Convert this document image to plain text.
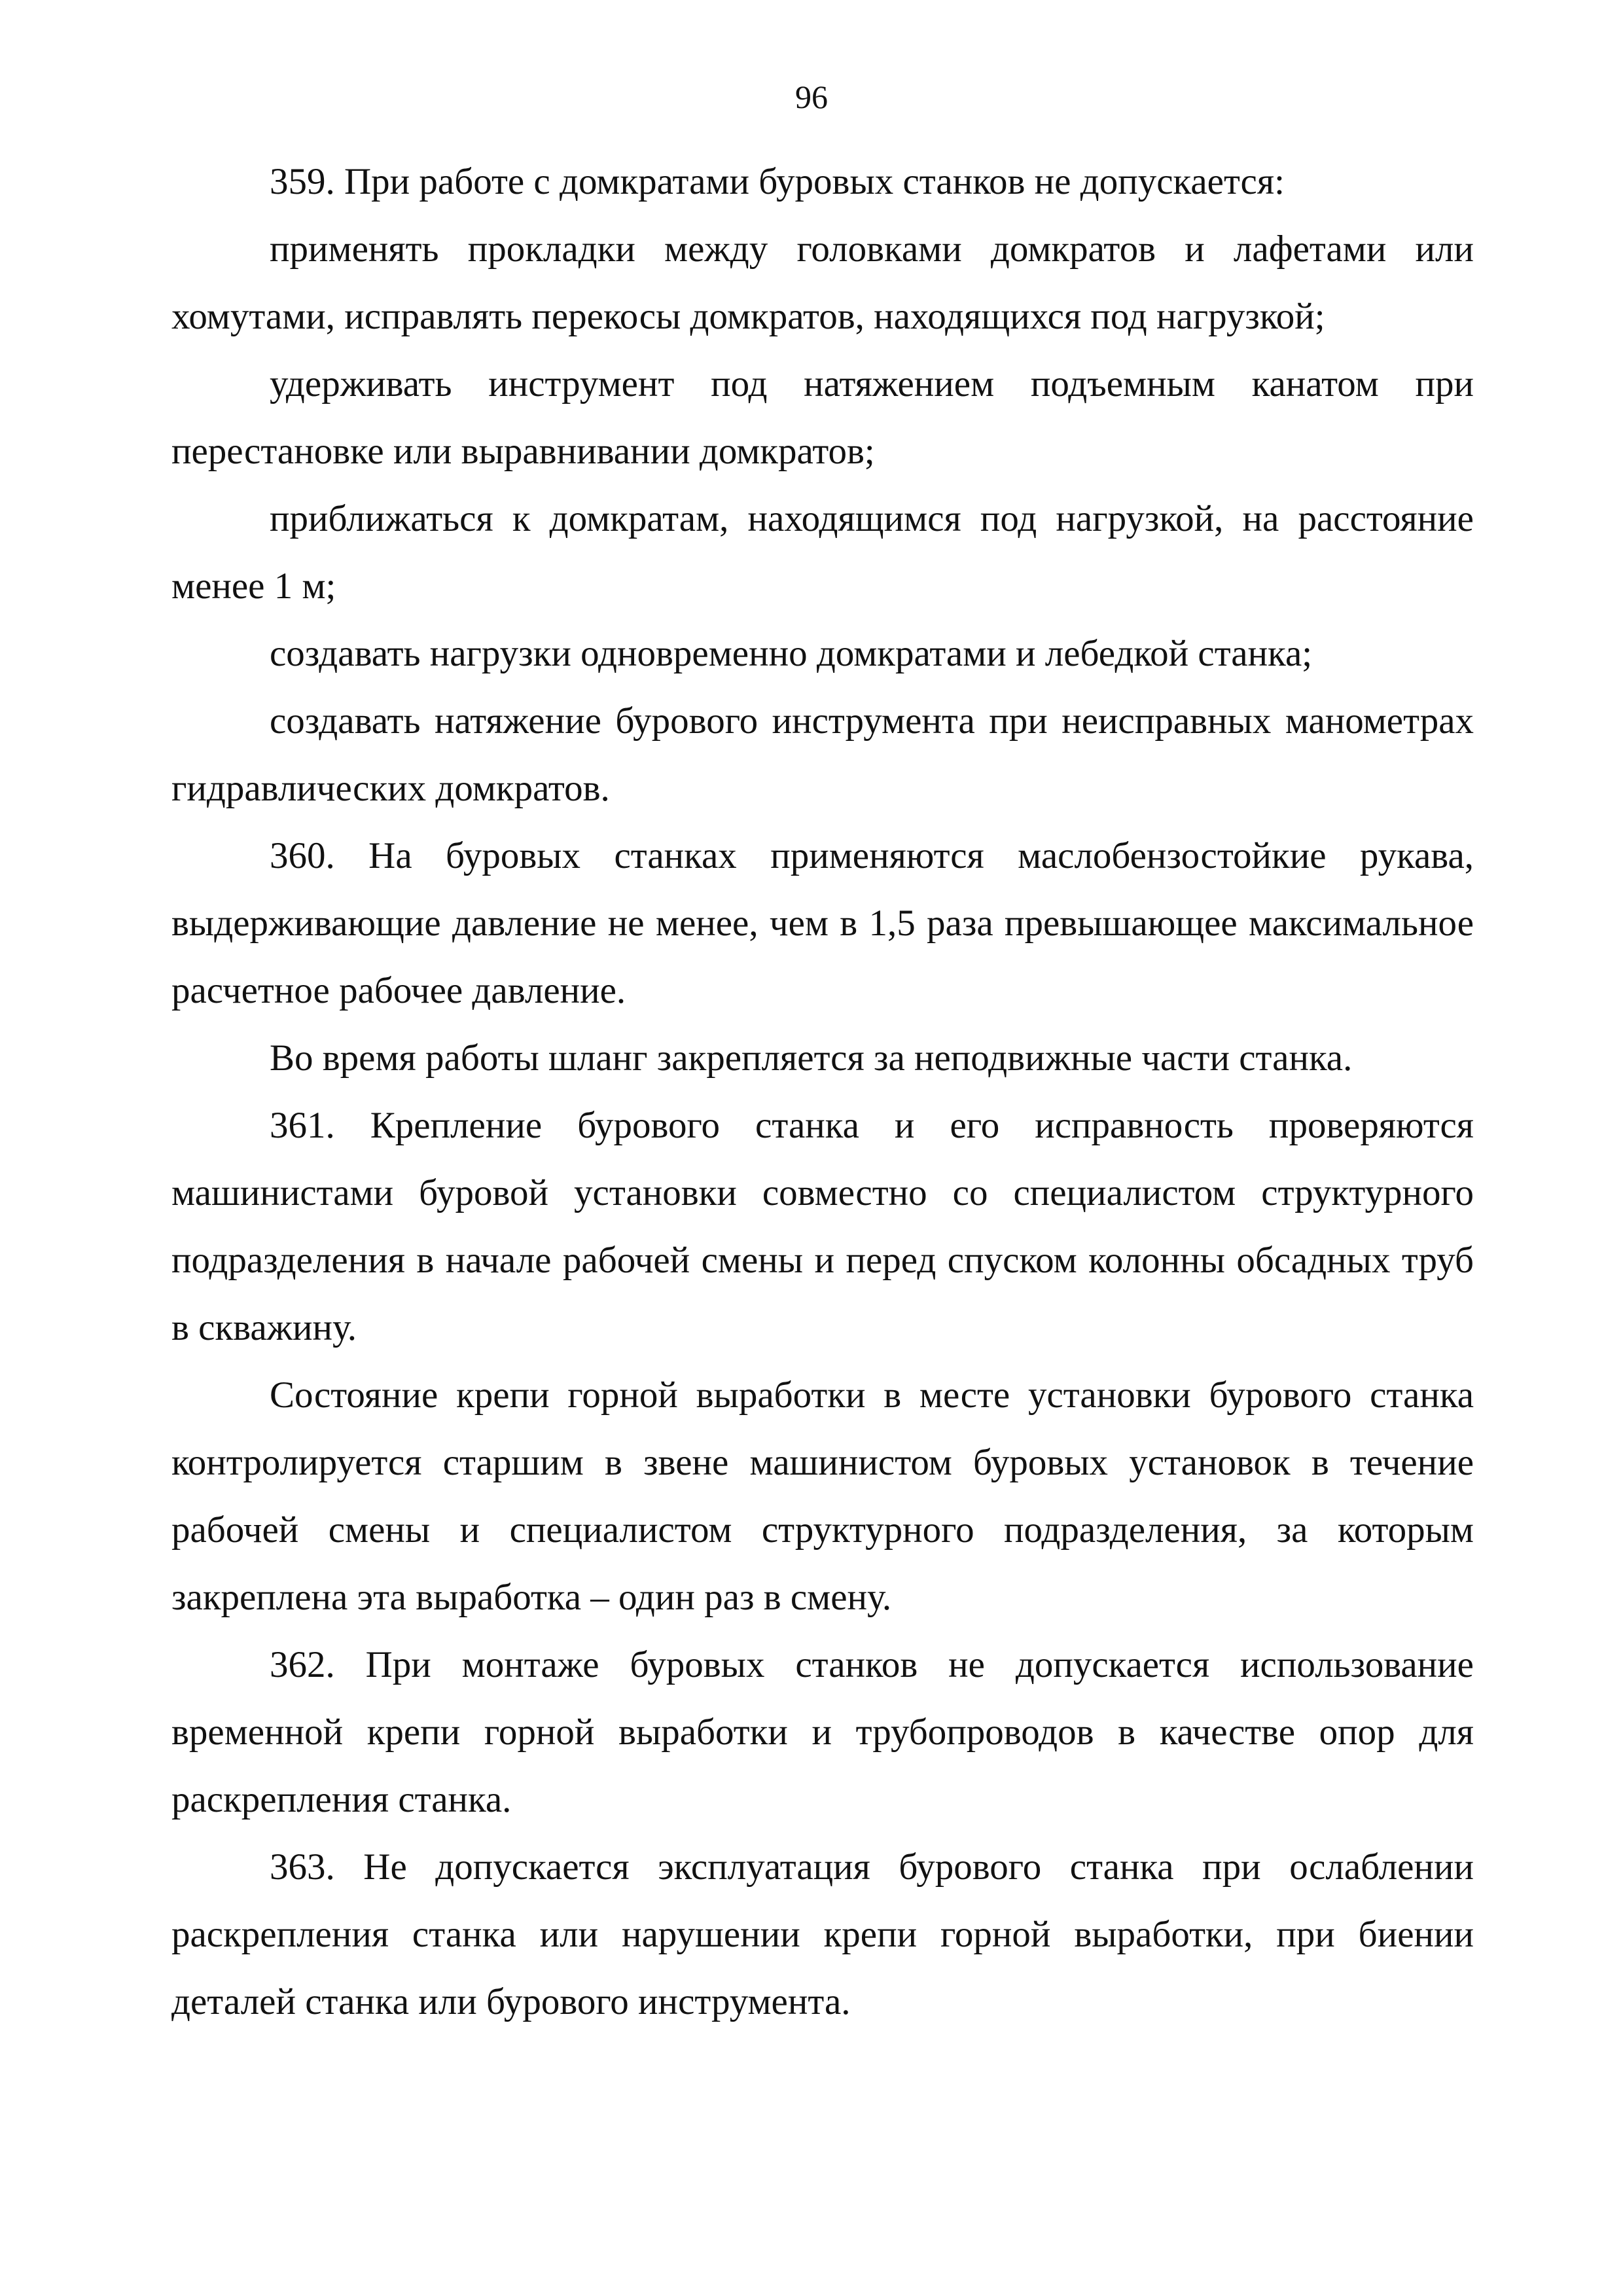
96

359. При работе с домкратами буровых станков не допускается:

применять прокладки между головками домкратов и лафетами или хомутами, исправлять перекосы домкратов, находящихся под нагрузкой;

удерживать инструмент под натяжением подъемным канатом при перестановке или выравнивании домкратов;

приближаться к домкратам, находящимся под нагрузкой, на расстояние менее 1 м;

создавать нагрузки одновременно домкратами и лебедкой станка;

создавать натяжение бурового инструмента при неисправных манометрах гидравлических домкратов.

360. На буровых станках применяются маслобензостойкие рукава, выдерживающие давление не менее, чем в 1,5 раза превышающее максимальное расчетное рабочее давление.

Во время работы шланг закрепляется за неподвижные части станка.

361. Крепление бурового станка и его исправность проверяются машинистами буровой установки совместно со специалистом структурного подразделения в начале рабочей смены и перед спуском колонны обсадных труб в скважину.

Состояние крепи горной выработки в месте установки бурового станка контролируется старшим в звене машинистом буровых установок в течение рабочей смены и специалистом структурного подразделения, за которым закреплена эта выработка – один раз в смену.

362. При монтаже буровых станков не допускается использование временной крепи горной выработки и трубопроводов в качестве опор для раскрепления станка.

363. Не допускается эксплуатация бурового станка при ослаблении раскрепления станка или нарушении крепи горной выработки, при биении деталей станка или бурового инструмента.
